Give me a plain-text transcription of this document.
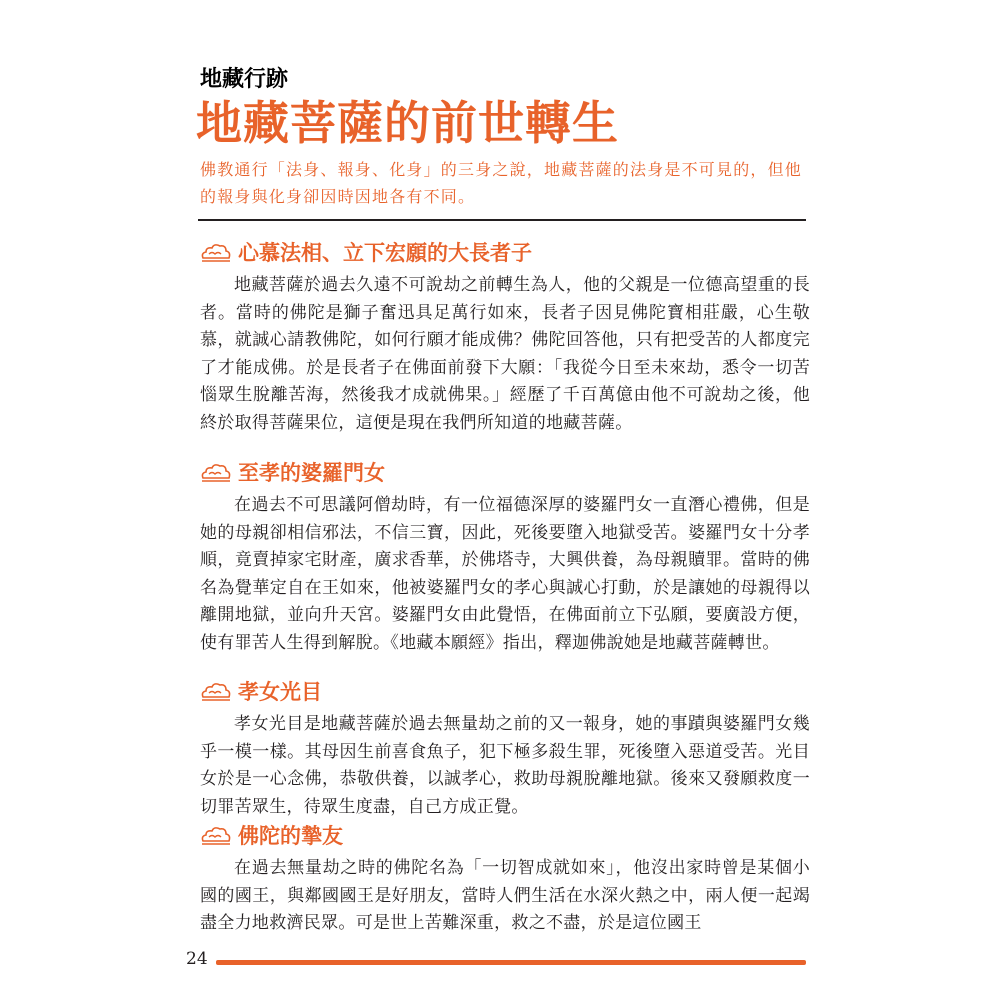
地藏行跡
地藏菩薩的前世轉生
佛教通行「法身、報身、化身」的三身之說，地藏菩薩的法身是不可見的，但他的報身與化身卻因時因地各有不同。
心慕法相、立下宏願的大長者子
地藏菩薩於過去久遠不可說劫之前轉生為人，他的父親是一位德高望重的長者。當時的佛陀是獅子奮迅具足萬行如來，長者子因見佛陀寶相莊嚴，心生敬慕，就誠心請教佛陀，如何行願才能成佛？佛陀回答他，只有把受苦的人都度完了才能成佛。於是長者子在佛面前發下大願：「我從今日至未來劫，悉令一切苦惱眾生脫離苦海，然後我才成就佛果。」經歷了千百萬億由他不可說劫之後，他終於取得菩薩果位，這便是現在我們所知道的地藏菩薩。
至孝的婆羅門女
在過去不可思議阿僧劫時，有一位福德深厚的婆羅門女一直潛心禮佛，但是她的母親卻相信邪法，不信三寶，因此，死後要墮入地獄受苦。婆羅門女十分孝順，竟賣掉家宅財產，廣求香華，於佛塔寺，大興供養，為母親贖罪。當時的佛名為覺華定自在王如來，他被婆羅門女的孝心與誠心打動，於是讓她的母親得以離開地獄，並向升天宮。婆羅門女由此覺悟，在佛面前立下弘願，要廣設方便，使有罪苦人生得到解脫。《地藏本願經》指出，釋迦佛說她是地藏菩薩轉世。
孝女光目
孝女光目是地藏菩薩於過去無量劫之前的又一報身，她的事蹟與婆羅門女幾乎一模一樣。其母因生前喜食魚子，犯下極多殺生罪，死後墮入惡道受苦。光目女於是一心念佛，恭敬供養，以誠孝心，救助母親脫離地獄。後來又發願救度一切罪苦眾生，待眾生度盡，自己方成正覺。
佛陀的摯友
在過去無量劫之時的佛陀名為「一切智成就如來」，他沒出家時曾是某個小國的國王，與鄰國國王是好朋友，當時人們生活在水深火熱之中，兩人便一起竭盡全力地救濟民眾。可是世上苦難深重，救之不盡，於是這位國王
24
